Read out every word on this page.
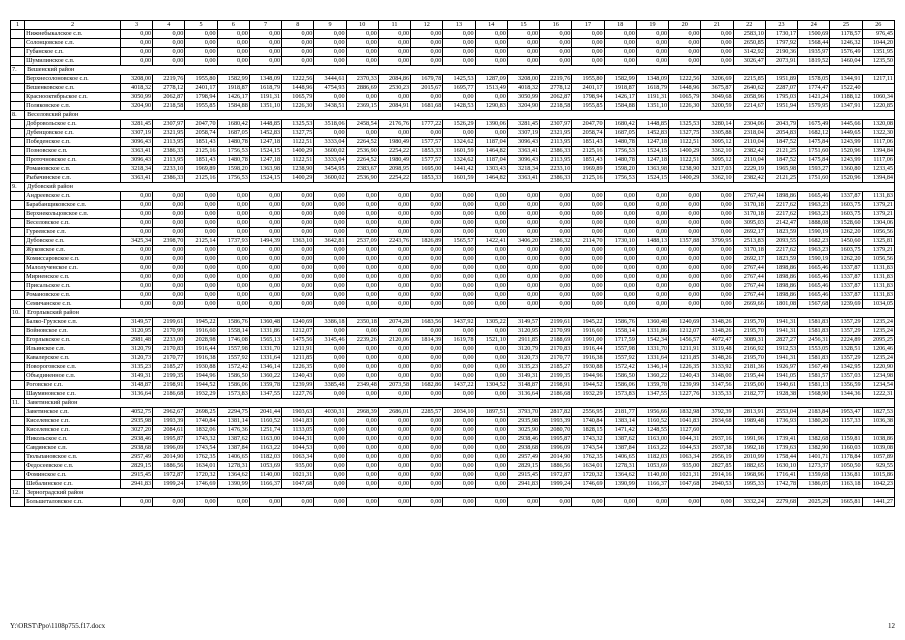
1	2	3	4	5	6	7	8	9	10	11	12	13	14	15	16	17	18	19	20	21	22	23	24	25	26
	Нижнебыкалское с.п.	0,00	0,00	0,00	0,00	0,00	0,00	0,00	0,00	0,00	0,00	0,00	0,00	0,00	0,00	0,00	0,00	0,00	0,00	0,00	2583,10	1730,17	1500,69	1178,57	976,45
	Солонцовское с.п.	0,00	0,00	0,00	0,00	0,00	0,00	0,00	0,00	0,00	0,00	0,00	0,00	0,00	0,00	0,00	0,00	0,00	0,00	0,00	2650,85	1797,92	1568,44	1246,32	1044,20
	Губанское с.п.	0,00	0,00	0,00	0,00	0,00	0,00	0,00	0,00	0,00	0,00	0,00	0,00	0,00	0,00	0,00	0,00	0,00	0,00	0,00	3142,92	2190,36	1935,97	1576,49	1351,95
	Шумилинское с.п.	0,00	0,00	0,00	0,00	0,00	0,00	0,00	0,00	0,00	0,00	0,00	0,00	0,00	0,00	0,00	0,00	0,00	0,00	0,00	3026,47	2073,91	1819,52	1460,04	1235,50
7.	Вешенский район																								
	Верхнесолоновское с.п.	3208,00	2219,76	1955,80	1582,99	1348,09	1222,56	3444,61	2370,33	2084,86	1679,78	1425,53	1287,09	3208,00	2219,76	1955,80	1582,99	1348,09	1222,56	3206,69	2215,85	1951,89	1578,05	1344,91	1217,11
	Вешенковское с.п.	4018,32	2778,12	2401,17	1918,87	1618,79	1448,96	4754,93	2886,69	2530,23	2015,67	1695,77	1513,49	4018,32	2778,12	2401,17	1918,87	1618,79	1448,96	3675,87	2640,62	2287,07	1774,47	1522,40	
	Краснооктябрьское с.п.	3050,99	2062,87	1798,94	1426,17	1191,31	1065,79	0,00	0,00	0,00	0,00	0,00	0,00	3050,99	2062,87	1798,94	1426,17	1191,31	1065,79	3049,68	2058,96	1795,03	1421,24	1188,12	1060,34
	Поляковское с.п.	3204,90	2218,58	1955,85	1584,88	1351,10	1226,30	3438,51	2369,15	2084,91	1681,68	1428,53	1290,83	3204,90	2218,58	1955,85	1584,88	1351,10	1226,30	3200,59	2214,67	1951,94	1579,95	1347,91	1220,85
8.	Веселовский район																								
	Добровольское с.п.	3281,45	2307,97	2047,70	1680,42	1448,85	1325,53	3518,06	2458,54	2176,76	1777,22	1526,29	1390,06	3281,45	2307,97	2047,70	1680,42	1448,85	1325,53	3280,14	2304,06	2043,79	1675,49	1445,66	1320,08
	Дубенцовское с.п.	3307,19	2321,95	2058,74	1687,05	1452,83	1327,75	0,00	0,00	0,00	0,00	0,00	0,00	3307,19	2321,95	2058,74	1687,05	1452,83	1327,75	3305,88	2318,04	2054,83	1682,12	1449,65	1322,30
	Победенское с.п.	3096,43	2113,95	1851,43	1480,78	1247,18	1122,51	3333,04	2264,52	1980,49	1577,57	1324,62	1187,04	3096,43	2113,95	1851,43	1480,78	1247,18	1122,51	3095,12	2110,04	1847,52	1475,84	1243,99	1117,06
	Позновское с.п.	3363,41	2386,33	2125,16	1756,53	1524,15	1400,29	3600,02	2536,90	2254,22	1853,33	1601,59	1464,82	3363,41	2386,33	2125,16	1756,53	1524,15	1400,29	3362,10	2382,42	2121,25	1751,60	1520,96	1394,84
	Проточновское с.п.	3096,43	2113,95	1851,43	1480,78	1247,18	1122,51	3333,04	2264,52	1980,49	1577,57	1324,62	1187,04	3096,43	2113,95	1851,43	1480,78	1247,18	1122,51	3095,12	2110,04	1847,52	1475,84	1243,99	1117,06
	Романовское с.п.	3218,34	2233,10	1969,89	1598,20	1363,98	1238,90	3454,95	2383,67	2098,95	1695,00	1441,42	1303,43	3218,34	2233,10	1969,89	1598,20	1363,98	1238,90	3217,03	2229,19	1965,98	1593,27	1360,80	1233,45
	Рыбачинское с.п.	3363,41	2386,33	2125,16	1756,53	1524,15	1400,29	3600,02	2536,90	2254,22	1853,33	1601,59	1464,82	3363,41	2386,33	2125,16	1756,53	1524,15	1400,29	3362,10	2382,42	2121,25	1751,60	1520,96	1394,84
9.	Дубовский район																								
	Андреевское с.п.	0,00	0,00	0,00	0,00	0,00	0,00	0,00	0,00	0,00	0,00	0,00	0,00	0,00	0,00	0,00	0,00	0,00	0,00	0,00	2767,44	1898,86	1665,46	1337,87	1131,83
	Барабанщиковское с.п.	0,00	0,00	0,00	0,00	0,00	0,00	0,00	0,00	0,00	0,00	0,00	0,00	0,00	0,00	0,00	0,00	0,00	0,00	0,00	3170,18	2217,62	1963,23	1603,75	1379,21
	Верхнекольцовское с.п.	0,00	0,00	0,00	0,00	0,00	0,00	0,00	0,00	0,00	0,00	0,00	0,00	0,00	0,00	0,00	0,00	0,00	0,00	0,00	3170,18	2217,62	1963,23	1603,75	1379,21
	Веселовское с.п.	0,00	0,00	0,00	0,00	0,00	0,00	0,00	0,00	0,00	0,00	0,00	0,00	0,00	0,00	0,00	0,00	0,00	0,00	0,00	3095,03	2142,47	1888,08	1528,60	1304,06
	Гуреевское с.п.	0,00	0,00	0,00	0,00	0,00	0,00	0,00	0,00	0,00	0,00	0,00	0,00	0,00	0,00	0,00	0,00	0,00	0,00	0,00	2692,17	1823,59	1590,19	1262,20	1056,56
	Дубовское с.п.	3425,34	2398,70	2125,14	1737,93	1494,39	1363,10	3642,81	2537,09	2243,76	1826,89	1565,57	1422,41	3406,20	2386,32	2114,70	1730,10	1488,13	1357,88	3799,95	2513,83	2093,55	1682,23	1450,60	1325,81
	Жуковское с.п.	0,00	0,00	0,00	0,00	0,00	0,00	0,00	0,00	0,00	0,00	0,00	0,00	0,00	0,00	0,00	0,00	0,00	0,00	0,00	3170,18	2217,62	1963,23	1603,75	1379,21
	Комиссаровское с.п.	0,00	0,00	0,00	0,00	0,00	0,00	0,00	0,00	0,00	0,00	0,00	0,00	0,00	0,00	0,00	0,00	0,00	0,00	0,00	2692,17	1823,59	1590,19	1262,20	1056,56
	Малолученское с.п.	0,00	0,00	0,00	0,00	0,00	0,00	0,00	0,00	0,00	0,00	0,00	0,00	0,00	0,00	0,00	0,00	0,00	0,00	0,00	2767,44	1898,86	1665,46	1337,87	1131,83
	Мирненское с.п.	0,00	0,00	0,00	0,00	0,00	0,00	0,00	0,00	0,00	0,00	0,00	0,00	0,00	0,00	0,00	0,00	0,00	0,00	0,00	2767,44	1898,86	1665,46	1337,87	1131,83
	Присальское с.п.	0,00	0,00	0,00	0,00	0,00	0,00	0,00	0,00	0,00	0,00	0,00	0,00	0,00	0,00	0,00	0,00	0,00	0,00	0,00	2767,44	1898,86	1665,46	1337,87	1131,83
	Романовское с.п.	0,00	0,00	0,00	0,00	0,00	0,00	0,00	0,00	0,00	0,00	0,00	0,00	0,00	0,00	0,00	0,00	0,00	0,00	0,00	2767,44	1898,86	1665,46	1337,87	1131,83
	Семичанское с.п.	0,00	0,00	0,00	0,00	0,00	0,00	0,00	0,00	0,00	0,00	0,00	0,00	0,00	0,00	0,00	0,00	0,00	0,00	0,00	2669,66	1801,08	1567,68	1239,69	1034,05
10.	Егорлыкский район																								
	Балко-Грузское с.п.	3149,57	2199,61	1945,22	1586,76	1360,48	1240,69	3386,18	2350,18	2074,28	1683,56	1437,92	1305,22	3149,57	2199,61	1945,22	1586,76	1360,48	1240,69	3148,26	2195,70	1941,31	1581,83	1357,29	1235,24
	Войновское с.п.	3120,95	2170,99	1916,60	1558,14	1331,86	1212,07	0,00	0,00	0,00	0,00	0,00	0,00	3120,95	2170,99	1916,60	1558,14	1331,86	1212,07	3148,26	2195,70	1941,31	1581,83	1357,29	1235,24
	Егорлыкское с.п.	2981,48	2233,00	2028,98	1746,08	1565,13	1475,56	3145,46	2239,26	2120,06	1814,39	1619,78	1521,10	2911,85	2188,69	1991,00	1717,59	1542,34	1456,57	4072,47	3089,31	2827,27	2456,31	2224,89	2095,25
	Ильинское с.п.	3120,79	2170,83	1916,44	1557,98	1331,70	1211,91	0,00	0,00	0,00	0,00	0,00	0,00	3120,79	2170,83	1916,44	1557,98	1331,70	1211,91	3119,48	2166,92	1912,53	1553,05	1328,51	1206,46
	Кавалерское с.п.	3120,73	2170,77	1916,38	1557,92	1331,64	1211,85	0,00	0,00	0,00	0,00	0,00	0,00	3120,73	2170,77	1916,38	1557,92	1331,64	1211,85	3148,26	2195,70	1941,31	1581,83	1357,29	1235,24
	Новороговское с.п.	3135,23	2185,27	1930,88	1572,42	1346,14	1226,35	0,00	0,00	0,00	0,00	0,00	0,00	3135,23	2185,27	1930,88	1572,42	1346,14	1226,35	3133,92	2181,36	1926,97	1567,49	1342,95	1220,90
	Объединенное с.п.	3149,31	2199,35	1944,96	1586,50	1360,22	1240,43	0,00	0,00	0,00	0,00	0,00	0,00	3149,31	2199,35	1944,96	1586,50	1360,22	1240,43	3148,00	2195,44	1941,05	1581,57	1357,03	1234,98
	Роговское с.п.	3148,87	2198,91	1944,52	1586,06	1359,78	1239,99	3385,48	2349,48	2073,58	1682,86	1437,22	1304,52	3148,87	2198,91	1944,52	1586,06	1359,78	1239,99	3147,56	2195,00	1940,61	1581,13	1356,59	1234,54
	Шаумяновское с.п.	3136,64	2186,68	1932,29	1573,83	1347,55	1227,76	0,00	0,00	0,00	0,00	0,00	0,00	3136,64	2186,68	1932,29	1573,83	1347,55	1227,76	3135,33	2182,77	1928,38	1568,90	1344,36	1222,31
11.	Заветинский район																								
	Заветинское с.п.	4052,75	2962,67	2698,25	2294,75	2041,44	1903,63	4030,31	2968,39	2686,01	2285,57	2034,10	1897,51	3793,70	2817,82	2556,95	2181,77	1956,66	1832,98	3792,39	2813,91	2553,04	2183,84	1953,47	1827,53
	Киселевское с.п.	2935,98	1993,39	1740,84	1381,14	1160,52	1041,83	0,00	0,00	0,00	0,00	0,00	0,00	2935,98	1993,39	1740,84	1383,14	1160,52	1041,83	2934,68	1989,48	1736,93	1380,20	1157,33	1036,38
	Киселевское с.п.	3027,20	2084,61	1832,06	1476,36	1251,74	1133,05	0,00	0,00	0,00	0,00	0,00	0,00	3025,90	2080,70	1828,15	1471,42	1248,55	1127,60						
	Никольское с.п.	2938,46	1995,87	1743,32	1387,62	1163,00	1044,31	0,00	0,00	0,00	0,00	0,00	0,00	2938,46	1995,87	1743,32	1387,62	1163,00	1044,31	2937,16	1991,96	1739,41	1382,68	1159,81	1038,86
	Савдянское с.п.	2938,68	1996,09	1743,54	1387,84	1163,22	1044,53	0,00	0,00	0,00	0,00	0,00	0,00	2938,68	1996,09	1743,54	1387,84	1163,22	1044,53	2937,38	1992,18	1739,63	1382,90	1160,03	1039,08
	Тюльпановское с.п.	2957,49	2014,90	1762,35	1406,65	1182,03	1063,34	0,00	0,00	0,00	0,00	0,00	0,00	2957,49	2014,90	1762,35	1406,65	1182,03	1063,34	2956,19	2010,99	1758,44	1401,71	1178,84	1057,89
	Федосеевское с.п.	2829,15	1886,56	1634,01	1278,31	1053,69	935,00	0,00	0,00	0,00	0,00	0,00	0,00	2829,15	1886,56	1634,01	1278,31	1053,69	935,00	2827,85	1882,65	1630,10	1273,37	1050,50	929,55
	Фоминское с.п.	2915,45	1972,87	1720,32	1364,62	1140,00	1021,31	0,00	0,00	0,00	0,00	0,00	0,00	2915,45	1972,87	1720,32	1364,62	1140,00	1021,31	2914,16	1968,96	1716,41	1359,68	1136,81	1015,86
	Шебалинское с.п.	2941,83	1999,24	1746,69	1390,99	1166,37	1047,68	0,00	0,00	0,00	0,00	0,00	0,00	2941,83	1999,24	1746,69	1390,99	1166,37	1047,68	2940,53	1995,33	1742,78	1386,05	1163,18	1042,23
12.	Зерноградский район																								
	Большеталовское с.п.	0,00	0,00	0,00	0,00	0,00	0,00	0,00	0,00	0,00	0,00	0,00	0,00	0,00	0,00	0,00	0,00	0,00	0,00	0,00	3332,24	2279,68	2025,29	1665,81	1441,27
Y:\ORST\Ppo\1108p755.f17.docx	12
